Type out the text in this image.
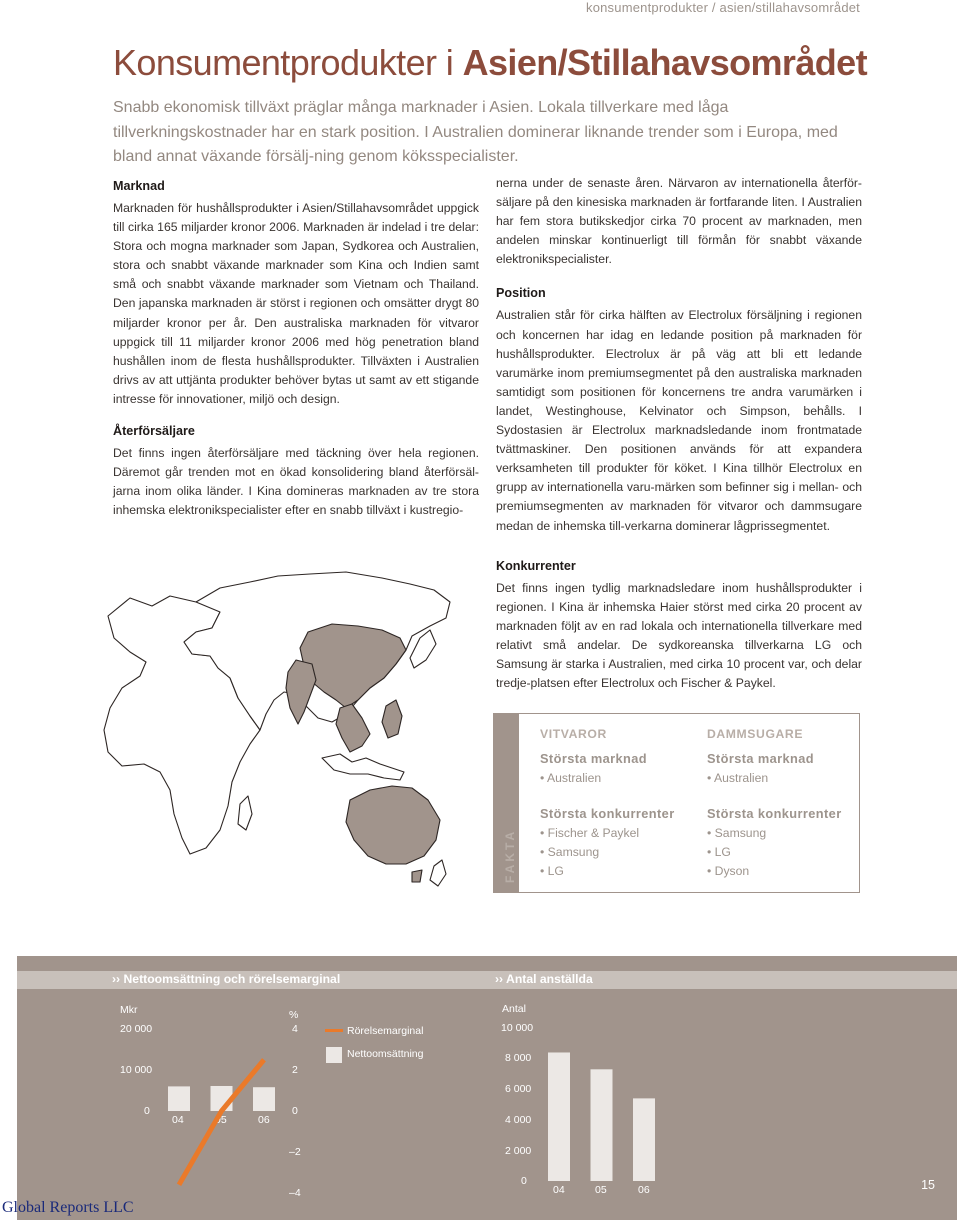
konsumentprodukter / asien/stillahavsområdet
Konsumentprodukter i Asien/Stillahavsområdet

Snabb ekonomisk tillväxt präglar många marknader i Asien. Lokala tillverkare med låga tillverkningskostnader har en stark position. I Australien dominerar liknande trender som i Europa, med bland annat växande försälj-ning genom köksspecialister.

Marknad

Marknaden för hushållsprodukter i Asien/Stillahavsområdet uppgick till cirka 165 miljarder kronor 2006. Marknaden är indelad i tre delar: Stora och mogna marknader som Japan, Sydkorea och Australien, stora och snabbt växande marknader som Kina och Indien samt små och snabbt växande marknader som Vietnam och Thailand. Den japanska marknaden är störst i regionen och omsätter drygt 80 miljarder kronor per år. Den australiska marknaden för vitvaror uppgick till 11 miljarder kronor 2006 med hög penetration bland hushållen inom de flesta hushållsprodukter. Tillväxten i Australien drivs av att uttjänta produkter behöver bytas ut samt av ett stigande intresse för innovationer, miljö och design.

Återförsäljare

Det finns ingen återförsäljare med täckning över hela regionen. Däremot går trenden mot en ökad konsolidering bland återförsäl-jarna inom olika länder. I Kina domineras marknaden av tre stora inhemska elektronikspecialister efter en snabb tillväxt i kustregio-

nerna under de senaste åren. Närvaron av internationella återför-säljare på den kinesiska marknaden är fortfarande liten. I Australien har fem stora butikskedjor cirka 70 procent av marknaden, men andelen minskar kontinuerligt till förmån för snabbt växande elektronikspecialister.

Position

Australien står för cirka hälften av Electrolux försäljning i regionen och koncernen har idag en ledande position på marknaden för hushållsprodukter. Electrolux är på väg att bli ett ledande varumärke inom premiumsegmentet på den australiska marknaden samtidigt som positionen för koncernens tre andra varumärken i landet, Westinghouse, Kelvinator och Simpson, behålls. I Sydostasien är Electrolux marknadsledande inom frontmatade tvättmaskiner. Den positionen används för att expandera verksamheten till produkter för köket. I Kina tillhör Electrolux en grupp av internationella varu-märken som befinner sig i mellan- och premiumsegmenten av marknaden för vitvaror och dammsugare medan de inhemska till-verkarna dominerar lågprissegmentet.

Konkurrenter

Det finns ingen tydlig marknadsledare inom hushållsprodukter i regionen. I Kina är inhemska Haier störst med cirka 20 procent av marknaden följt av en rad lokala och internationella tillverkare med relativt små andelar. De sydkoreanska tillverkarna LG och Samsung är starka i Australien, med cirka 10 procent var, och delar tredje-platsen efter Electrolux och Fischer & Paykel.

VITVAROR
Största marknad
• Australien
Största konkurrenter
• Fischer & Paykel
• Samsung
• LG
DAMMSUGARE
Största marknad
• Australien
Största konkurrenter
• Samsung
• LG
• Dyson
FAKTA
›› Nettoomsättning och rörelsemarginal	›› Antal anställda
Mkr	%
20 000
10 000
0
4
2
0
–2
–4
04	05	06
Rörelsemarginal
Nettoomsättning
Antal
10 000
8 000
6 000
4 000
2 000
0
04	05	06	15
Global Reports LLC
